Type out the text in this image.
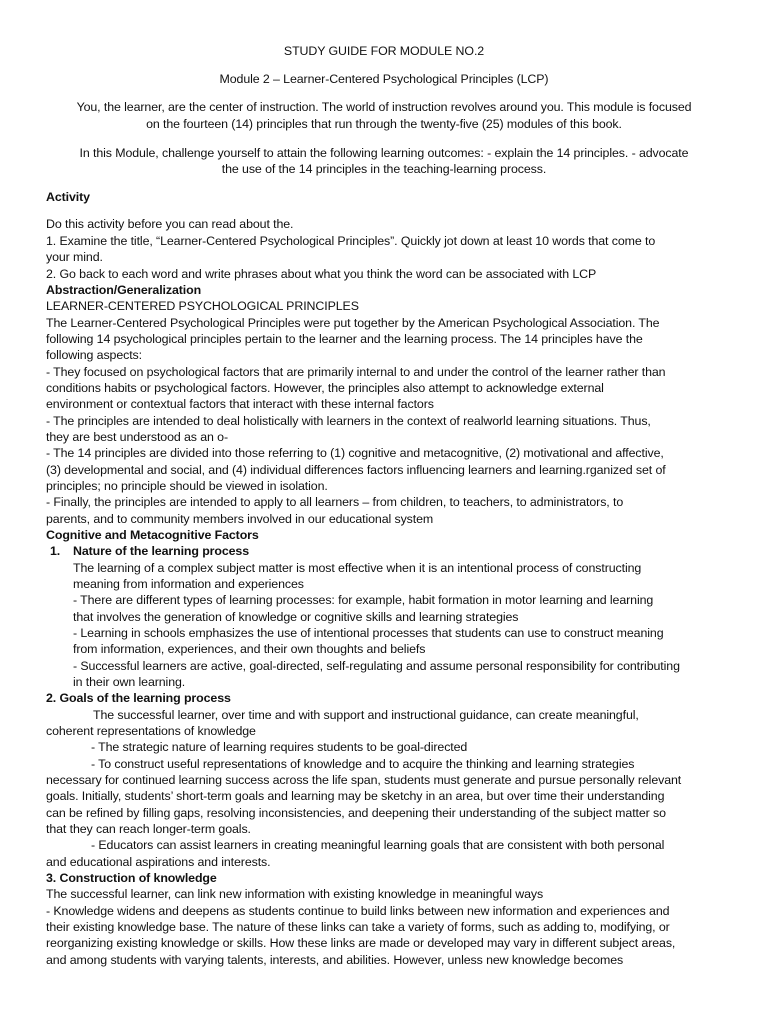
STUDY GUIDE FOR MODULE NO.2
Module 2 – Learner-Centered Psychological Principles (LCP)
You, the learner, are the center of instruction. The world of instruction revolves around you. This module is focused
on the fourteen (14) principles that run through the twenty-five (25) modules of this book.
In this Module, challenge yourself to attain the following learning outcomes: - explain the 14 principles. - advocate
the use of the 14 principles in the teaching-learning process.
Activity
Do this activity before you can read about the.
1. Examine the title, “Learner-Centered Psychological Principles”. Quickly jot down at least 10 words that come to
your mind.
2. Go back to each word and write phrases about what you think the word can be associated with LCP
Abstraction/Generalization
LEARNER-CENTERED PSYCHOLOGICAL PRINCIPLES
The Learner-Centered Psychological Principles were put together by the American Psychological Association. The
following 14 psychological principles pertain to the learner and the learning process. The 14 principles have the
following aspects:
- They focused on psychological factors that are primarily internal to and under the control of the learner rather than
conditions habits or psychological factors. However, the principles also attempt to acknowledge external
environment or contextual factors that interact with these internal factors
- The principles are intended to deal holistically with learners in the context of realworld learning situations. Thus,
they are best understood as an o-
- The 14 principles are divided into those referring to (1) cognitive and metacognitive, (2) motivational and affective,
(3) developmental and social, and (4) individual differences factors influencing learners and learning.rganized set of
principles; no principle should be viewed in isolation.
- Finally, the principles are intended to apply to all learners – from children, to teachers, to administrators, to
parents, and to community members involved in our educational system
Cognitive and Metacognitive Factors
1. Nature of the learning process
The learning of a complex subject matter is most effective when it is an intentional process of constructing
meaning from information and experiences
- There are different types of learning processes: for example, habit formation in motor learning and learning
that involves the generation of knowledge or cognitive skills and learning strategies
- Learning in schools emphasizes the use of intentional processes that students can use to construct meaning
from information, experiences, and their own thoughts and beliefs
- Successful learners are active, goal-directed, self-regulating and assume personal responsibility for contributing
in their own learning.
2. Goals of the learning process
The successful learner, over time and with support and instructional guidance, can create meaningful,
coherent representations of knowledge
- The strategic nature of learning requires students to be goal-directed
- To construct useful representations of knowledge and to acquire the thinking and learning strategies
necessary for continued learning success across the life span, students must generate and pursue personally relevant
goals. Initially, students’ short-term goals and learning may be sketchy in an area, but over time their understanding
can be refined by filling gaps, resolving inconsistencies, and deepening their understanding of the subject matter so
that they can reach longer-term goals.
- Educators can assist learners in creating meaningful learning goals that are consistent with both personal
and educational aspirations and interests.
3. Construction of knowledge
The successful learner, can link new information with existing knowledge in meaningful ways
- Knowledge widens and deepens as students continue to build links between new information and experiences and
their existing knowledge base. The nature of these links can take a variety of forms, such as adding to, modifying, or
reorganizing existing knowledge or skills. How these links are made or developed may vary in different subject areas,
and among students with varying talents, interests, and abilities. However, unless new knowledge becomes
